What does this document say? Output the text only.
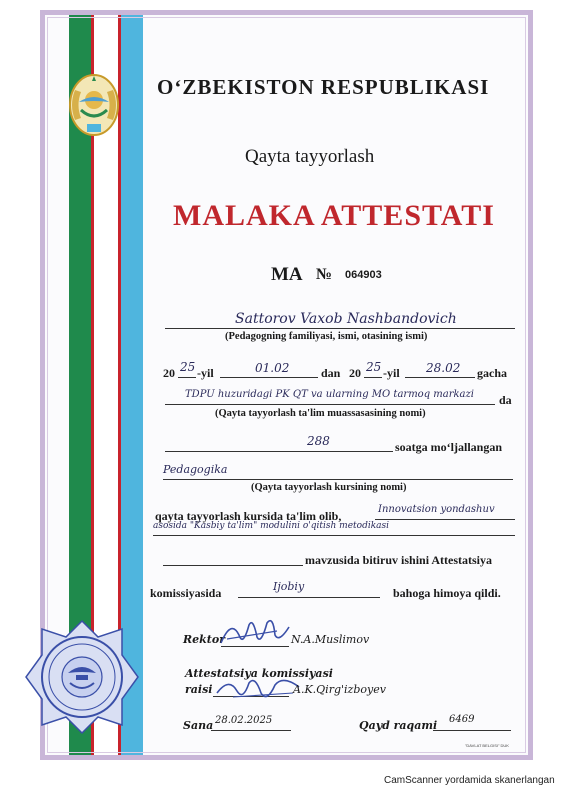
O‘ZBEKISTON RESPUBLIKASI
Qayta tayyorlash
MALAKA ATTESTATI
MA № 064903
Sattorov Vaxob Nashbandovich
(Pedagogning familiyasi, ismi, otasining ismi)
20 25 -yil	01.02	dan 20 25 -yil 28.02 gacha
TDPU huzuridagi PK QT va ularning MO tarmoq markazi da
(Qayta tayyorlash ta'lim muassasasining nomi)
288	soatga mo‘ljallangan
Pedagogika
(Qayta tayyorlash kursining nomi)
qayta tayyorlash kursida ta'lim olib,	Innovatsion yondashuv
asosida "Kasbiy ta'lim" modulini o'qitish metodikasi
mavzusida bitiruv ishini Attestatsiya
komissiyasida	Ijobiy	bahoga himoya qildi.
Rektor	N.A.Muslimov
Attestatsiya komissiyasi
raisi	A.K.Qirg'izboyev
Sana 28.02.2025	Qayd raqami 6469
"DAVLAT BELGISI" DUK
CamScanner yordamida skanerlangan
